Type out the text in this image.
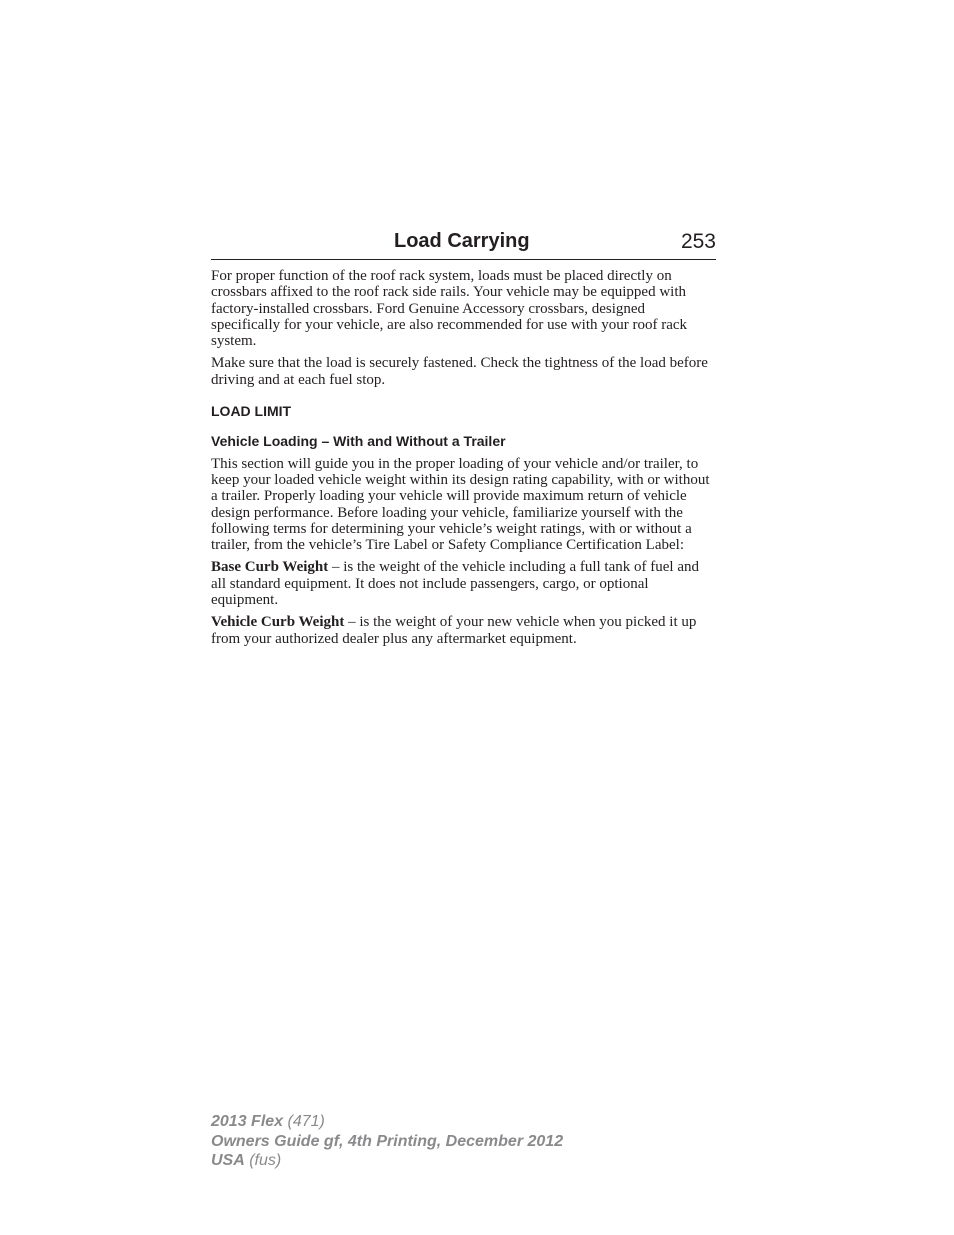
Load Carrying	253

For proper function of the roof rack system, loads must be placed directly on crossbars affixed to the roof rack side rails. Your vehicle may be equipped with factory-installed crossbars. Ford Genuine Accessory crossbars, designed specifically for your vehicle, are also recommended for use with your roof rack system.

Make sure that the load is securely fastened. Check the tightness of the load before driving and at each fuel stop.

LOAD LIMIT
Vehicle Loading – With and Without a Trailer

This section will guide you in the proper loading of your vehicle and/or trailer, to keep your loaded vehicle weight within its design rating capability, with or without a trailer. Properly loading your vehicle will provide maximum return of vehicle design performance. Before loading your vehicle, familiarize yourself with the following terms for determining your vehicle’s weight ratings, with or without a trailer, from the vehicle’s Tire Label or Safety Compliance Certification Label:

Base Curb Weight – is the weight of the vehicle including a full tank of fuel and all standard equipment. It does not include passengers, cargo, or optional equipment.

Vehicle Curb Weight – is the weight of your new vehicle when you picked it up from your authorized dealer plus any aftermarket equipment.

2013 Flex (471)
Owners Guide gf, 4th Printing, December 2012
USA (fus)
